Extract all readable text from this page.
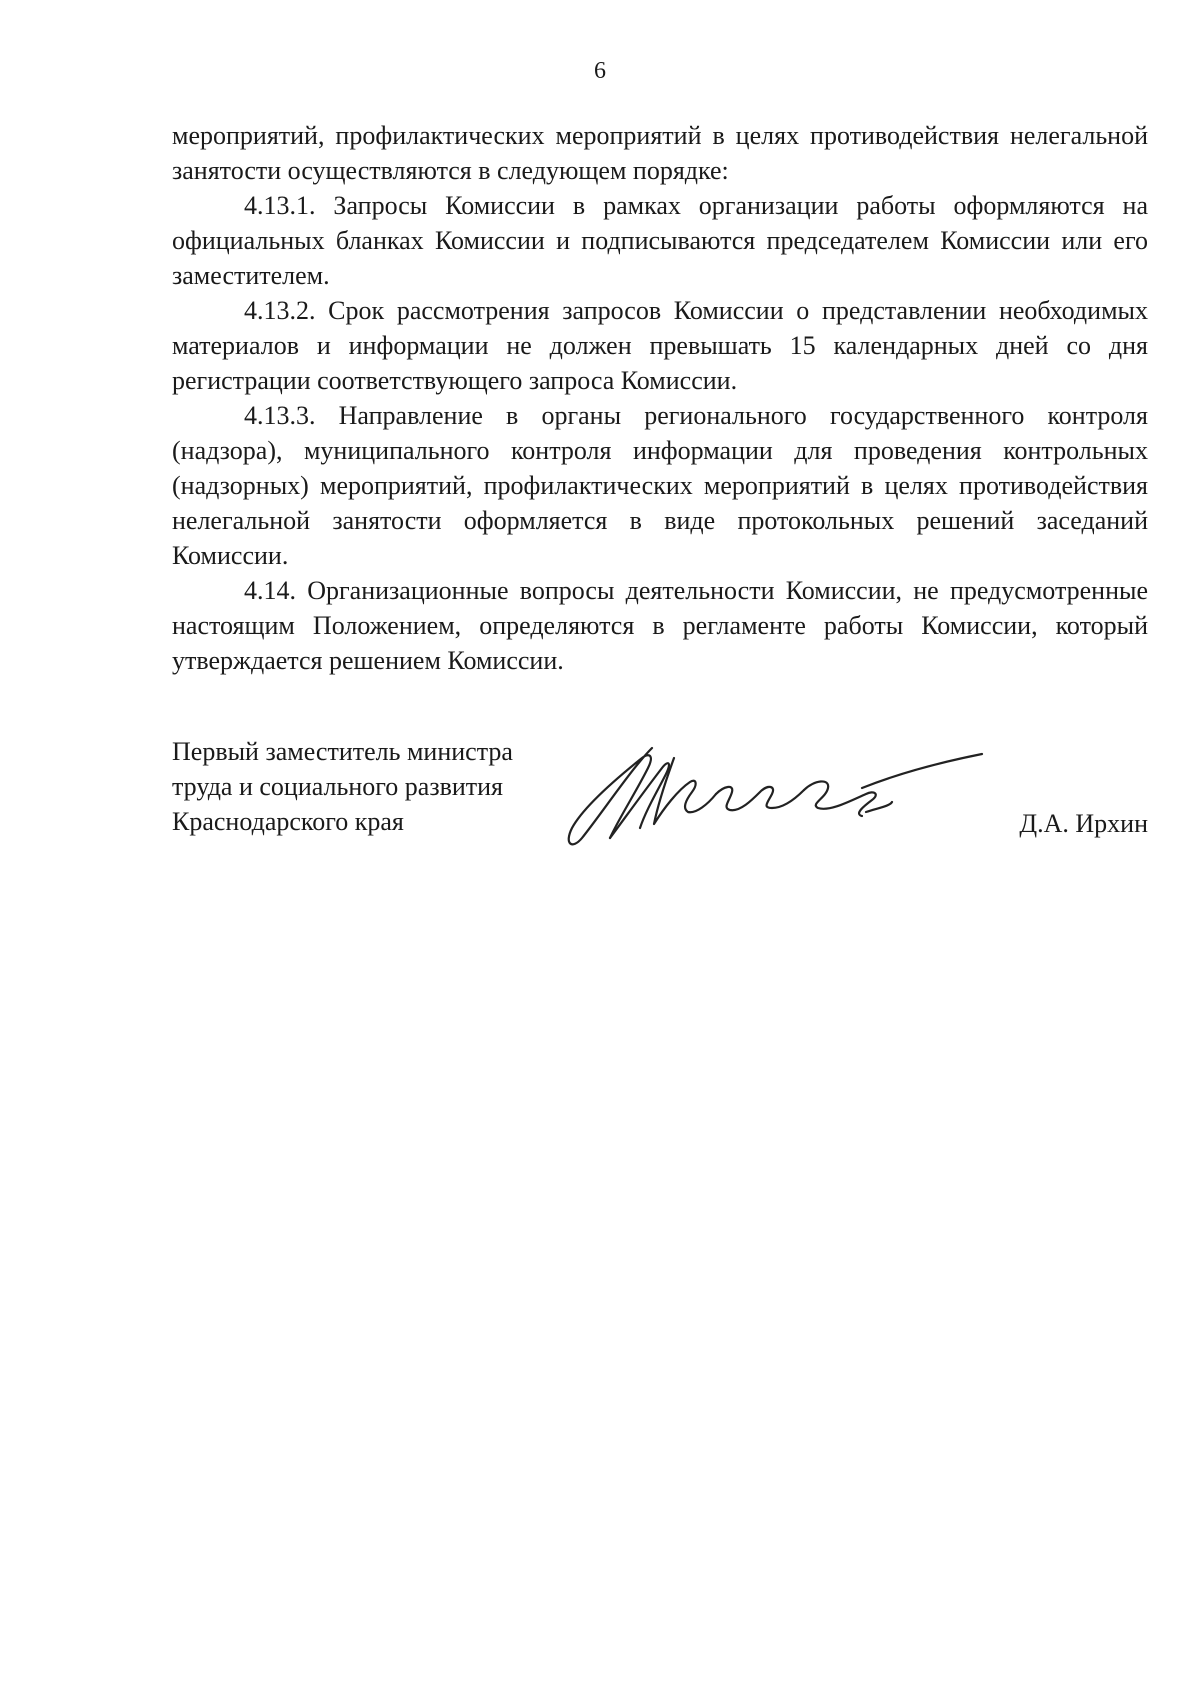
6

мероприятий, профилактических мероприятий в целях противодействия нелегальной занятости осуществляются в следующем порядке:

4.13.1. Запросы Комиссии в рамках организации работы оформляются на официальных бланках Комиссии и подписываются председателем Комиссии или его заместителем.

4.13.2. Срок рассмотрения запросов Комиссии о представлении необходимых материалов и информации не должен превышать 15 календарных дней со дня регистрации соответствующего запроса Комиссии.

4.13.3. Направление в органы регионального государственного контроля (надзора), муниципального контроля информации для проведения контрольных (надзорных) мероприятий, профилактических мероприятий в целях противодействия нелегальной занятости оформляется в виде протокольных решений заседаний Комиссии.

4.14. Организационные вопросы деятельности Комиссии, не предусмотренные настоящим Положением, определяются в регламенте работы Комиссии, который утверждается решением Комиссии.

Первый заместитель министра
труда и социального развития
Краснодарского края	Д.А. Ирхин
